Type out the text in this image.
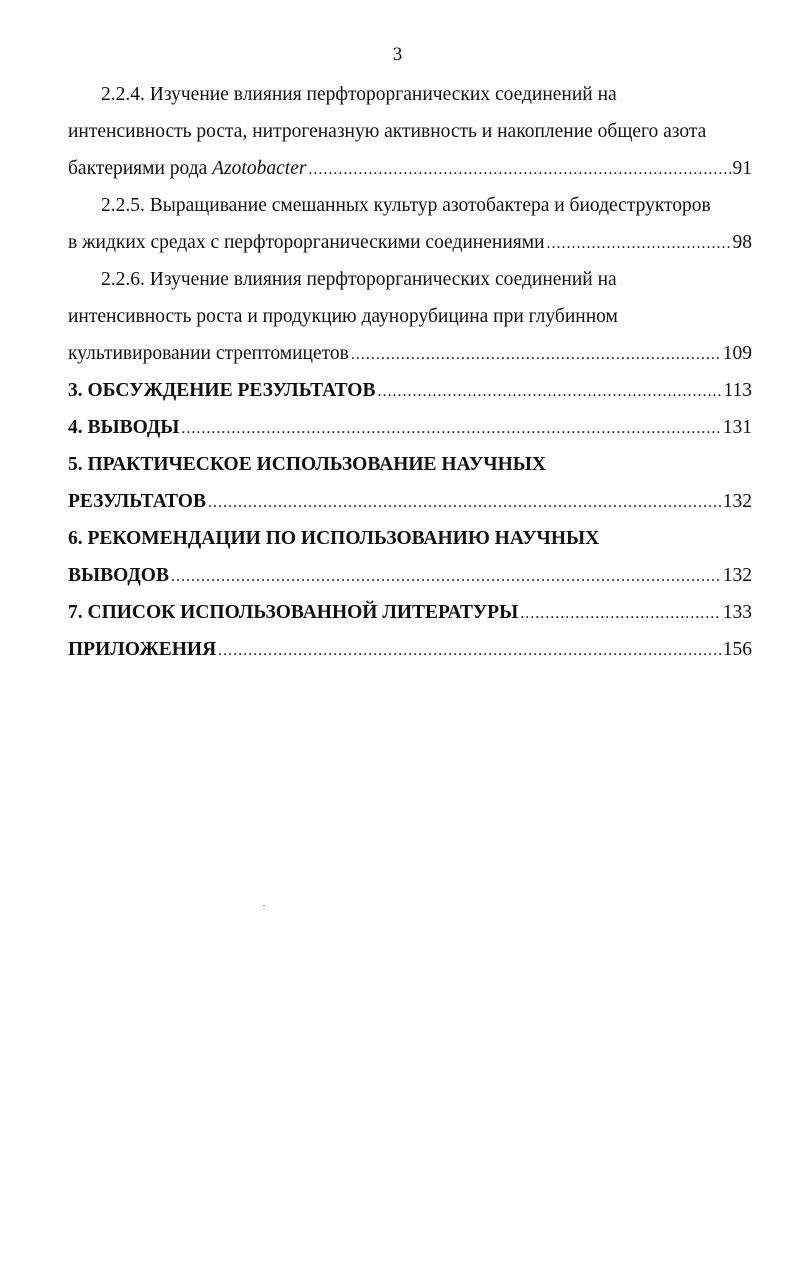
3
2.2.4. Изучение влияния перфторорганических соединений на
интенсивность роста, нитрогеназную активность и накопление общего азота
бактериями рода Azotobacter .....	91
2.2.5. Выращивание смешанных культур азотобактера и биодеструкторов
в жидких средах с перфторорганическими соединениями .....	98
2.2.6. Изучение влияния перфторорганических соединений на
интенсивность роста и продукцию даунорубицина при глубинном
культивировании стрептомицетов .....	109
3. ОБСУЖДЕНИЕ РЕЗУЛЬТАТОВ .....	113
4. ВЫВОДЫ .....	131
5. ПРАКТИЧЕСКОЕ ИСПОЛЬЗОВАНИЕ НАУЧНЫХ
РЕЗУЛЬТАТОВ .....	132
6. РЕКОМЕНДАЦИИ ПО ИСПОЛЬЗОВАНИЮ НАУЧНЫХ
ВЫВОДОВ .....	132
7. СПИСОК ИСПОЛЬЗОВАННОЙ ЛИТЕРАТУРЫ .....	133
ПРИЛОЖЕНИЯ .....	156
